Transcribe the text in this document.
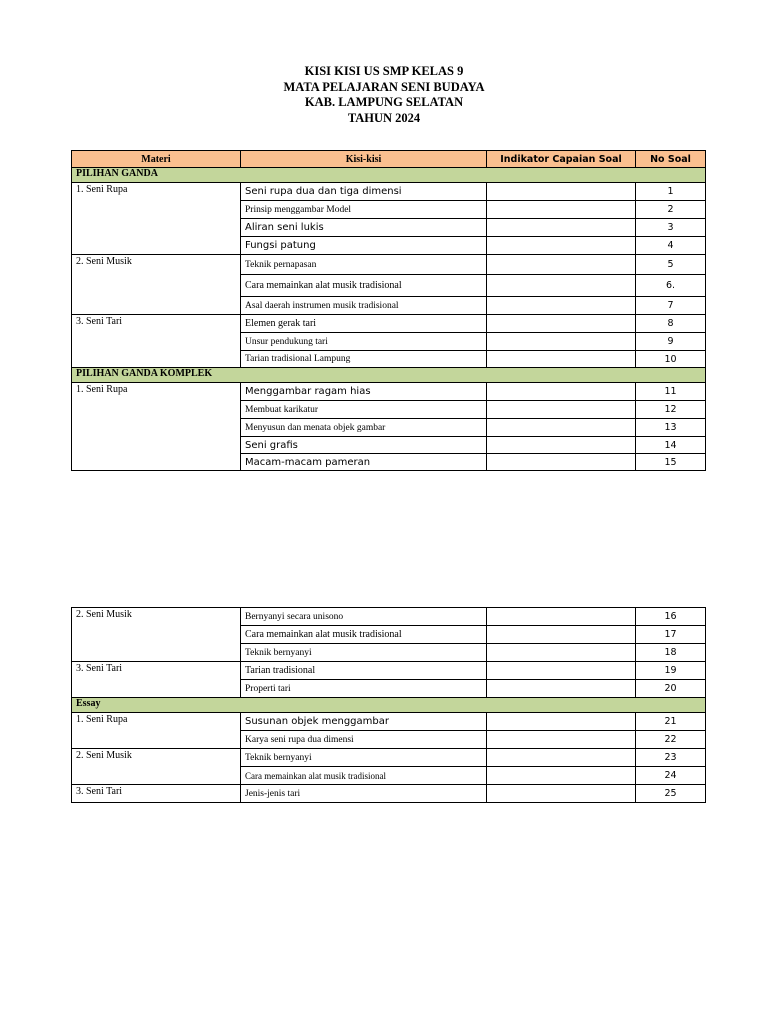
KISI KISI US SMP KELAS 9
MATA PELAJARAN SENI BUDAYA
KAB. LAMPUNG SELATAN
TAHUN 2024
Materi	Kisi-kisi	Indikator Capaian Soal	No Soal
PILIHAN GANDA			
1. Seni Rupa	Seni rupa dua dan tiga dimensi		1
	Prinsip menggambar Model		2
	Aliran seni lukis		3
	Fungsi patung		4
2. Seni Musik	Teknik pernapasan		5
	Cara memainkan alat musik tradisional		6.
	Asal daerah instrumen musik tradisional		7
3. Seni Tari	Elemen gerak tari		8
	Unsur pendukung tari		9
	Tarian tradisional Lampung		10
PILIHAN GANDA KOMPLEK			
1. Seni Rupa	Menggambar ragam hias		11
	Membuat karikatur		12
	Menyusun dan menata objek gambar		13
	Seni grafis		14
	Macam-macam pameran		15
2. Seni Musik	Bernyanyi secara unisono		16
	Cara memainkan alat musik tradisional		17
	Teknik bernyanyi		18
3. Seni Tari	Tarian tradisional		19
	Properti tari		20
Essay			
1. Seni Rupa	Susunan objek menggambar		21
	Karya seni rupa dua dimensi		22
2. Seni Musik	Teknik bernyanyi		23
	Cara memainkan alat musik tradisional		24
3. Seni Tari	Jenis-jenis tari		25
